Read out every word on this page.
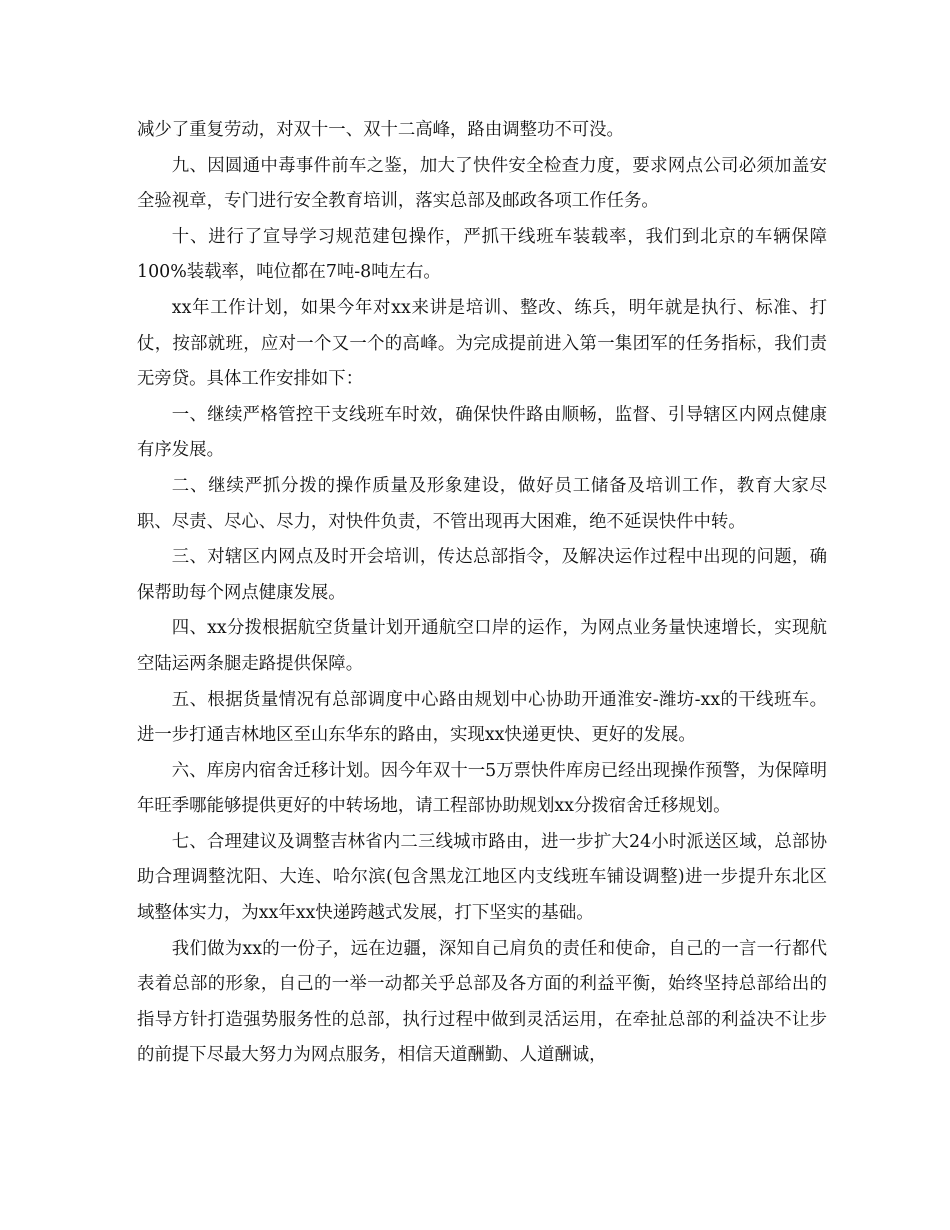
减少了重复劳动，对双十一、双十二高峰，路由调整功不可没。

九、因圆通中毒事件前车之鉴，加大了快件安全检查力度，要求网点公司必须加盖安全验视章，专门进行安全教育培训，落实总部及邮政各项工作任务。

十、进行了宣导学习规范建包操作，严抓干线班车装载率，我们到北京的车辆保障100%装载率，吨位都在7吨-8吨左右。

xx年工作计划，如果今年对xx来讲是培训、整改、练兵，明年就是执行、标准、打仗，按部就班，应对一个又一个的高峰。为完成提前进入第一集团军的任务指标，我们责无旁贷。具体工作安排如下：

一、继续严格管控干支线班车时效，确保快件路由顺畅，监督、引导辖区内网点健康有序发展。

二、继续严抓分拨的操作质量及形象建设，做好员工储备及培训工作，教育大家尽职、尽责、尽心、尽力，对快件负责，不管出现再大困难，绝不延误快件中转。

三、对辖区内网点及时开会培训，传达总部指令，及解决运作过程中出现的问题，确保帮助每个网点健康发展。

四、xx分拨根据航空货量计划开通航空口岸的运作，为网点业务量快速增长，实现航空陆运两条腿走路提供保障。

五、根据货量情况有总部调度中心路由规划中心协助开通淮安-潍坊-xx的干线班车。进一步打通吉林地区至山东华东的路由，实现xx快递更快、更好的发展。

六、库房内宿舍迁移计划。因今年双十一5万票快件库房已经出现操作预警，为保障明年旺季哪能够提供更好的中转场地，请工程部协助规划xx分拨宿舍迁移规划。

七、合理建议及调整吉林省内二三线城市路由，进一步扩大24小时派送区域，总部协助合理调整沈阳、大连、哈尔滨(包含黑龙江地区内支线班车铺设调整)进一步提升东北区域整体实力，为xx年xx快递跨越式发展，打下坚实的基础。

我们做为xx的一份子，远在边疆，深知自己肩负的责任和使命，自己的一言一行都代表着总部的形象，自己的一举一动都关乎总部及各方面的利益平衡，始终坚持总部给出的指导方针打造强势服务性的总部，执行过程中做到灵活运用，在牵扯总部的利益决不让步的前提下尽最大努力为网点服务，相信天道酬勤、人道酬诚，
